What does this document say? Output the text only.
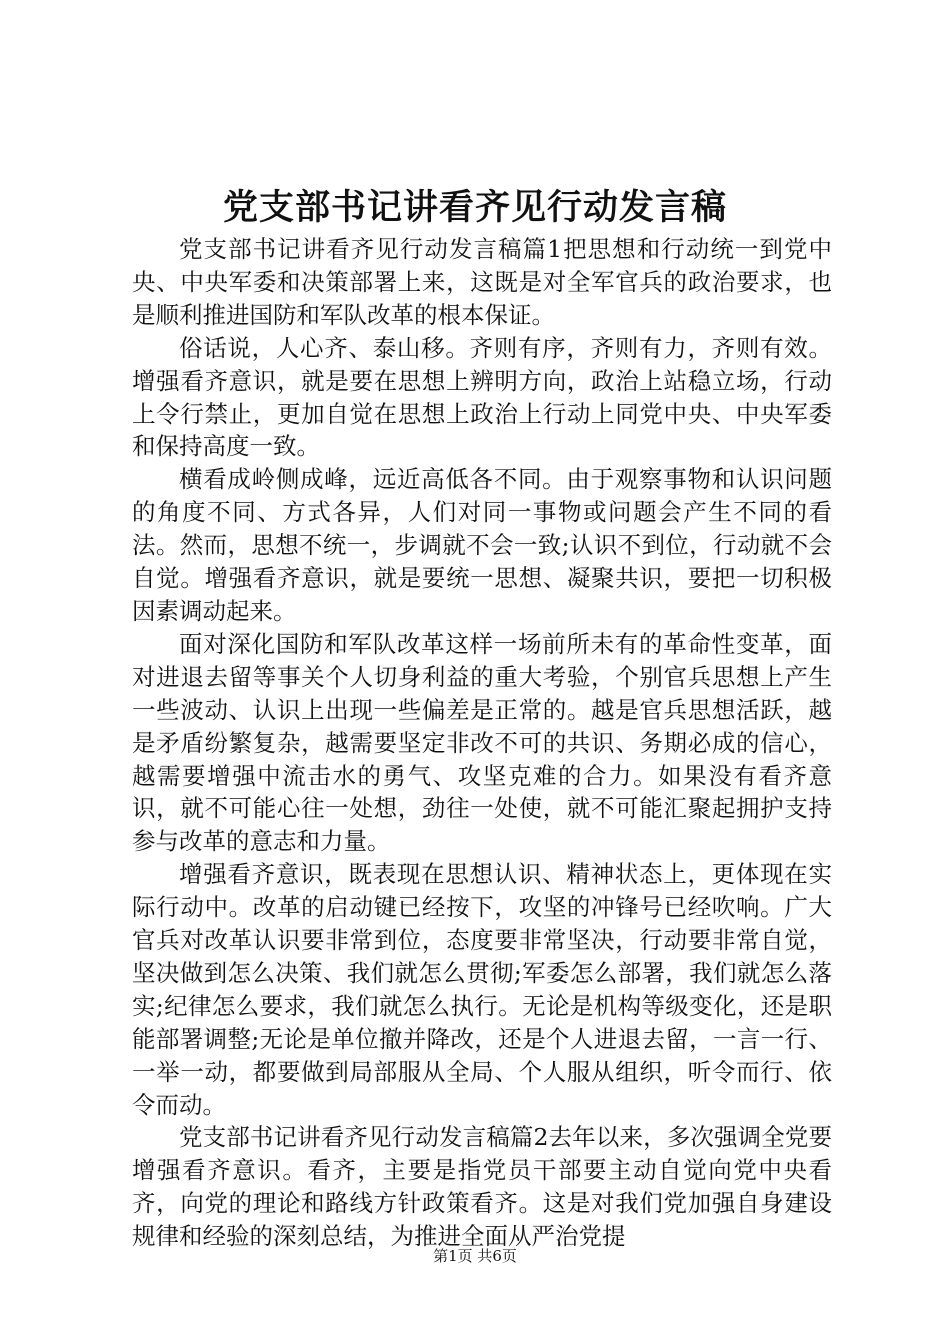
党支部书记讲看齐见行动发言稿

党支部书记讲看齐见行动发言稿篇1把思想和行动统一到党中央、中央军委和决策部署上来，这既是对全军官兵的政治要求，也是顺利推进国防和军队改革的根本保证。

俗话说，人心齐、泰山移。齐则有序，齐则有力，齐则有效。增强看齐意识，就是要在思想上辨明方向，政治上站稳立场，行动上令行禁止，更加自觉在思想上政治上行动上同党中央、中央军委和保持高度一致。

横看成岭侧成峰，远近高低各不同。由于观察事物和认识问题的角度不同、方式各异，人们对同一事物或问题会产生不同的看法。然而，思想不统一，步调就不会一致;认识不到位，行动就不会自觉。增强看齐意识，就是要统一思想、凝聚共识，要把一切积极因素调动起来。

面对深化国防和军队改革这样一场前所未有的革命性变革，面对进退去留等事关个人切身利益的重大考验，个别官兵思想上产生一些波动、认识上出现一些偏差是正常的。越是官兵思想活跃，越是矛盾纷繁复杂，越需要坚定非改不可的共识、务期必成的信心，越需要增强中流击水的勇气、攻坚克难的合力。如果没有看齐意识，就不可能心往一处想，劲往一处使，就不可能汇聚起拥护支持参与改革的意志和力量。

增强看齐意识，既表现在思想认识、精神状态上，更体现在实际行动中。改革的启动键已经按下，攻坚的冲锋号已经吹响。广大官兵对改革认识要非常到位，态度要非常坚决，行动要非常自觉，坚决做到怎么决策、我们就怎么贯彻;军委怎么部署，我们就怎么落实;纪律怎么要求，我们就怎么执行。无论是机构等级变化，还是职能部署调整;无论是单位撤并降改，还是个人进退去留，一言一行、一举一动，都要做到局部服从全局、个人服从组织，听令而行、依令而动。

党支部书记讲看齐见行动发言稿篇2去年以来，多次强调全党要增强看齐意识。看齐，主要是指党员干部要主动自觉向党中央看齐，向党的理论和路线方针政策看齐。这是对我们党加强自身建设规律和经验的深刻总结，为推进全面从严治党提

第1页 共6页
